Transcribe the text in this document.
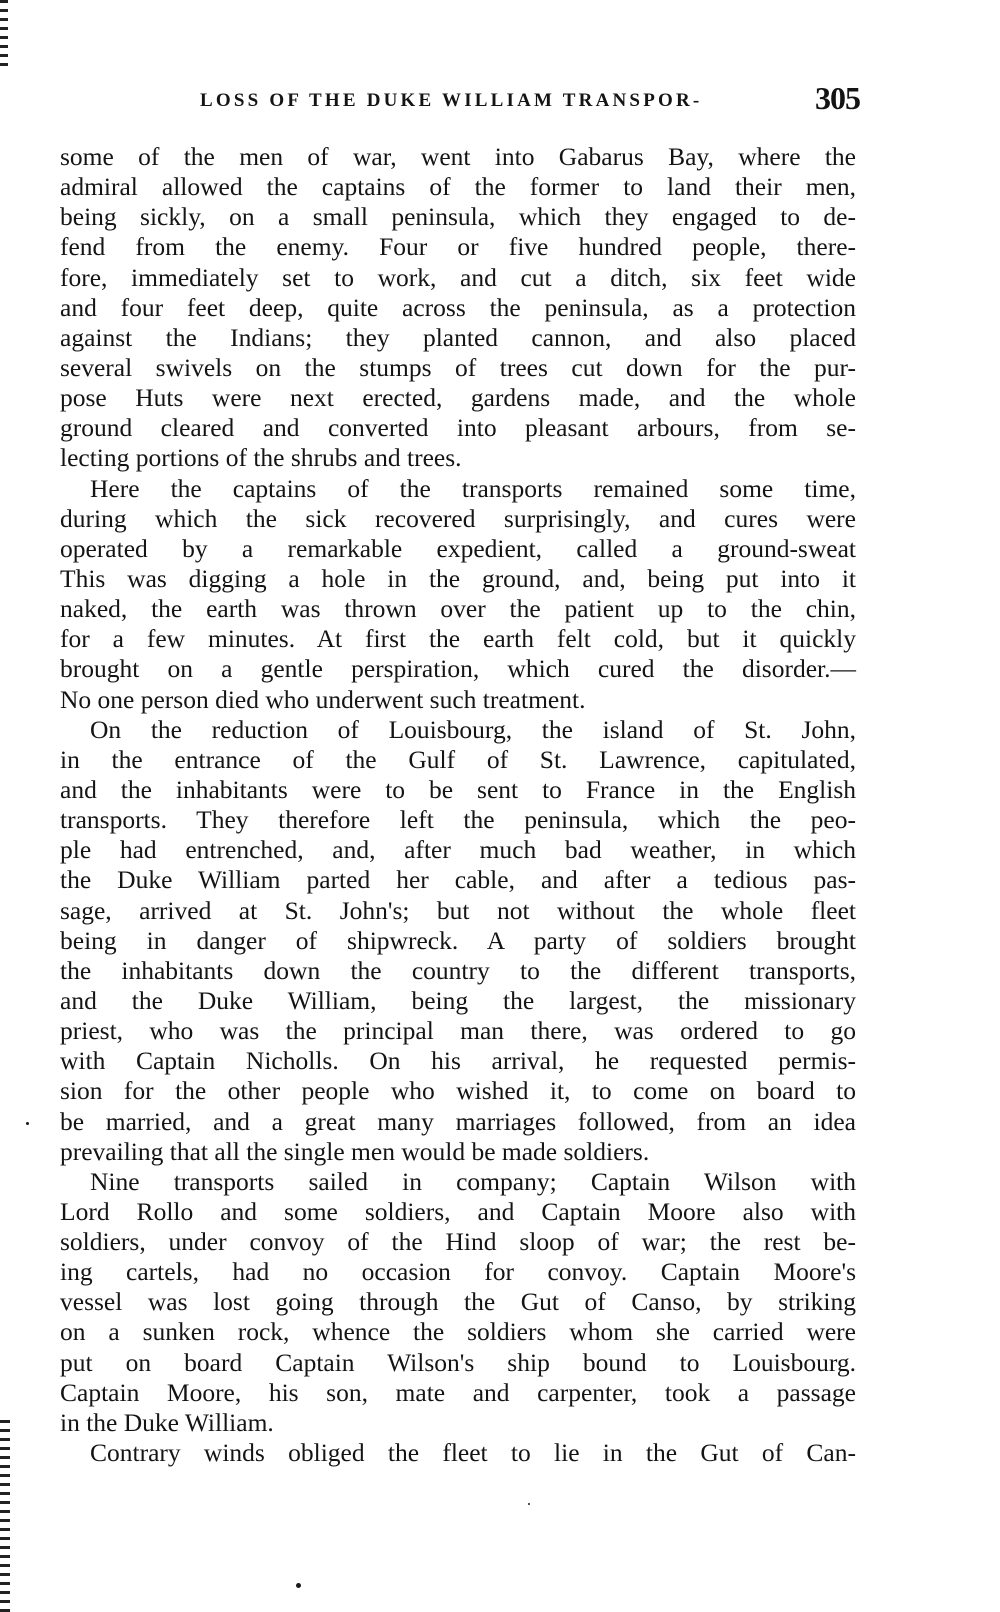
LOSS OF THE DUKE WILLIAM TRANSPOR-	305
some of the men of war, went into Gabarus Bay, where the
admiral allowed the captains of the former to land their men,
being sickly, on a small peninsula, which they engaged to de-
fend from the enemy. Four or five hundred people, there-
fore, immediately set to work, and cut a ditch, six feet wide
and four feet deep, quite across the peninsula, as a protection
against the Indians; they planted cannon, and also placed
several swivels on the stumps of trees cut down for the pur-
pose Huts were next erected, gardens made, and the whole
ground cleared and converted into pleasant arbours, from se-
lecting portions of the shrubs and trees.
Here the captains of the transports remained some time,
during which the sick recovered surprisingly, and cures were
operated by a remarkable expedient, called a ground-sweat
This was digging a hole in the ground, and, being put into it
naked, the earth was thrown over the patient up to the chin,
for a few minutes. At first the earth felt cold, but it quickly
brought on a gentle perspiration, which cured the disorder.—
No one person died who underwent such treatment.
On the reduction of Louisbourg, the island of St. John,
in the entrance of the Gulf of St. Lawrence, capitulated,
and the inhabitants were to be sent to France in the English
transports. They therefore left the peninsula, which the peo-
ple had entrenched, and, after much bad weather, in which
the Duke William parted her cable, and after a tedious pas-
sage, arrived at St. John's; but not without the whole fleet
being in danger of shipwreck. A party of soldiers brought
the inhabitants down the country to the different transports,
and the Duke William, being the largest, the missionary
priest, who was the principal man there, was ordered to go
with Captain Nicholls. On his arrival, he requested permis-
sion for the other people who wished it, to come on board to
be married, and a great many marriages followed, from an idea
prevailing that all the single men would be made soldiers.
Nine transports sailed in company; Captain Wilson with
Lord Rollo and some soldiers, and Captain Moore also with
soldiers, under convoy of the Hind sloop of war; the rest be-
ing cartels, had no occasion for convoy. Captain Moore's
vessel was lost going through the Gut of Canso, by striking
on a sunken rock, whence the soldiers whom she carried were
put on board Captain Wilson's ship bound to Louisbourg.
Captain Moore, his son, mate and carpenter, took a passage
in the Duke William.
Contrary winds obliged the fleet to lie in the Gut of Can-
